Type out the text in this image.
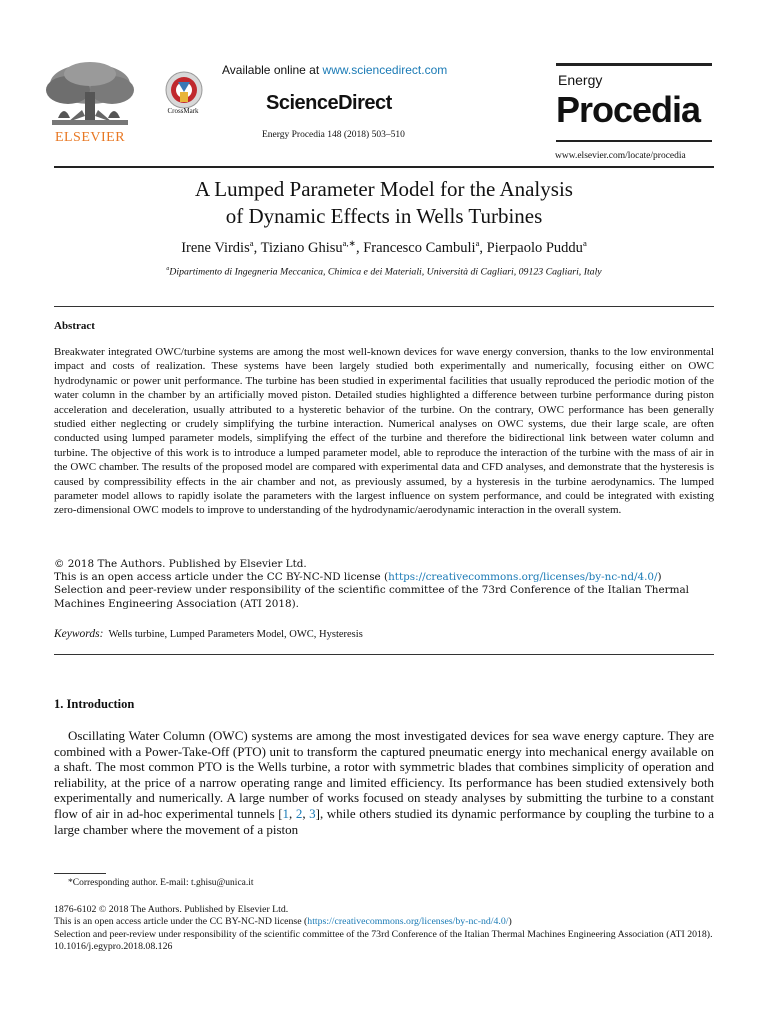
ELSEVIER
CrossMark
Available online at www.sciencedirect.com
ScienceDirect
Energy Procedia 148 (2018) 503–510
Energy
Procedia
www.elsevier.com/locate/procedia
A Lumped Parameter Model for the Analysis
of Dynamic Effects in Wells Turbines
Irene Virdis$^a$, Tiziano Ghisu$^{a,∗}$, Francesco Cambuli$^a$, Pierpaolo Puddu$^a$
$^a$Dipartimento di Ingegneria Meccanica, Chimica e dei Materiali, Università di Cagliari, 09123 Cagliari, Italy
Abstract
Breakwater integrated OWC/turbine systems are among the most well-known devices for wave energy conversion, thanks to the low environmental impact and costs of realization. These systems have been largely studied both experimentally and numerically, focusing either on OWC hydrodynamic or power unit performance. The turbine has been studied in experimental facilities that usually reproduced the periodic motion of the water column in the chamber by an artificially moved piston. Detailed studies highlighted a difference between turbine performance during piston acceleration and deceleration, usually attributed to a hysteretic behavior of the turbine. On the contrary, OWC performance has been generally studied either neglecting or crudely simplifying the turbine interaction. Numerical analyses on OWC systems, due their large scale, are often conducted using lumped parameter models, simplifying the effect of the turbine and therefore the bidirectional link between water column and turbine. The objective of this work is to introduce a lumped parameter model, able to reproduce the interaction of the turbine with the mass of air in the OWC chamber. The results of the proposed model are compared with experimental data and CFD analyses, and demonstrate that the hysteresis is caused by compressibility effects in the air chamber and not, as previously assumed, by a hysteresis in the turbine aerodynamics. The lumped parameter model allows to rapidly isolate the parameters with the largest influence on system performance, and could be integrated with existing zero-dimensional OWC models to improve to understanding of the hydrodynamic/aerodynamic interaction in the overall system.
© 2018 The Authors. Published by Elsevier Ltd.
This is an open access article under the CC BY-NC-ND license (https://creativecommons.org/licenses/by-nc-nd/4.0/)
Selection and peer-review under responsibility of the scientific committee of the 73rd Conference of the Italian Thermal Machines Engineering Association (ATI 2018).
Keywords: Wells turbine, Lumped Parameters Model, OWC, Hysteresis
1. Introduction
Oscillating Water Column (OWC) systems are among the most investigated devices for sea wave energy capture. They are combined with a Power-Take-Off (PTO) unit to transform the captured pneumatic energy into mechanical energy available on a shaft. The most common PTO is the Wells turbine, a rotor with symmetric blades that combines simplicity of operation and reliability, at the price of a narrow operating range and limited efficiency. Its performance has been studied extensively both experimentally and numerically. A large number of works focused on steady analyses by submitting the turbine to a constant flow of air in ad-hoc experimental tunnels [1, 2, 3], while others studied its dynamic performance by coupling the turbine to a large chamber where the movement of a piston
*Corresponding author. E-mail: t.ghisu@unica.it
1876-6102 © 2018 The Authors. Published by Elsevier Ltd.
This is an open access article under the CC BY-NC-ND license (https://creativecommons.org/licenses/by-nc-nd/4.0/)
Selection and peer-review under responsibility of the scientific committee of the 73rd Conference of the Italian Thermal Machines Engineering Association (ATI 2018).
10.1016/j.egypro.2018.08.126
